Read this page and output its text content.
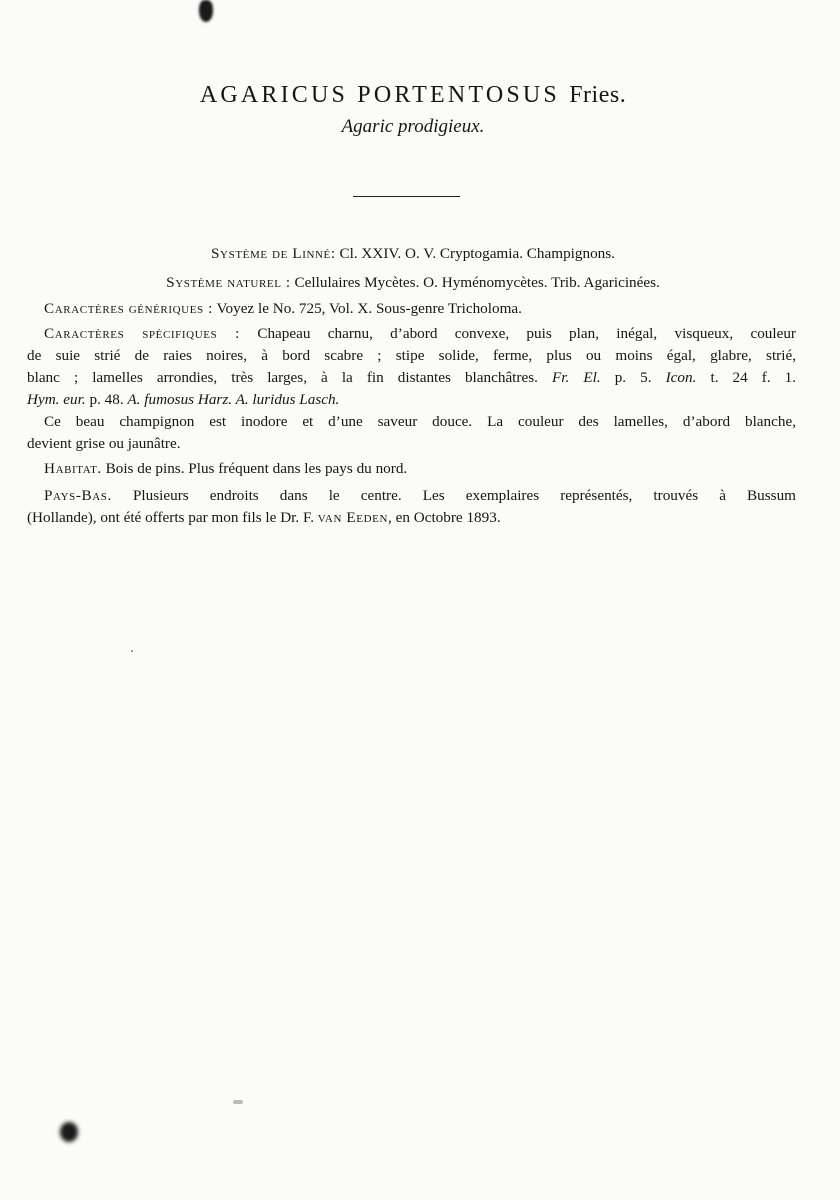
AGARICUS PORTENTOSUS Fries.
Agaric prodigieux.
Système de Linné: Cl. XXIV. O. V. Cryptogamia. Champignons.
Système naturel : Cellulaires Mycètes. O. Hyménomycètes. Trib. Agaricinées.
Caractères génériques : Voyez le No. 725, Vol. X. Sous-genre Tricholoma.
Caractères spécifiques : Chapeau charnu, d’abord convexe, puis plan, inégal, visqueux, couleur
de suie strié de raies noires, à bord scabre ; stipe solide, ferme, plus ou moins égal, glabre, strié,
blanc ; lamelles arrondies, très larges, à la fin distantes blanchâtres. Fr. El. p. 5. Icon. t. 24 f. 1.
Hym. eur. p. 48. A. fumosus Harz. A. luridus Lasch.
Ce beau champignon est inodore et d’une saveur douce. La couleur des lamelles, d’abord blanche,
devient grise ou jaunâtre.
Habitat. Bois de pins. Plus fréquent dans les pays du nord.
Pays-Bas. Plusieurs endroits dans le centre. Les exemplaires représentés, trouvés à Bussum
(Hollande), ont été offerts par mon fils le Dr. F. van Eeden, en Octobre 1893.
